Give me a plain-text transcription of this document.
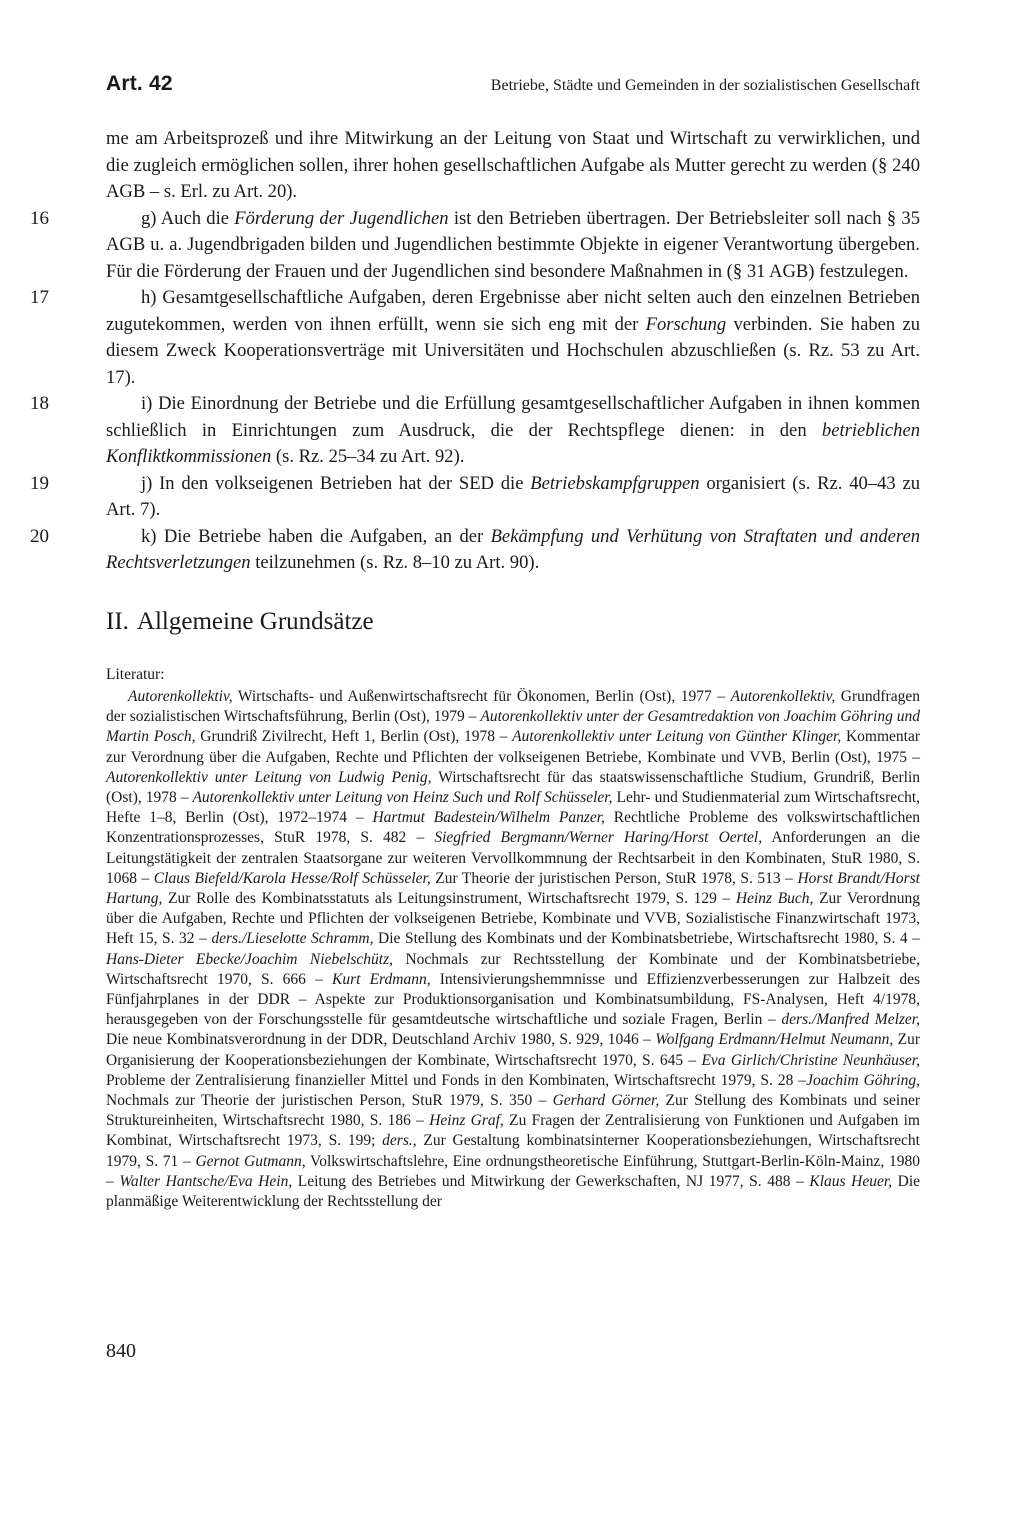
Art. 42	Betriebe, Städte und Gemeinden in der sozialistischen Gesellschaft

me am Arbeitsprozeß und ihre Mitwirkung an der Leitung von Staat und Wirtschaft zu verwirklichen, und die zugleich ermöglichen sollen, ihrer hohen gesellschaftlichen Aufgabe als Mutter gerecht zu werden (§ 240 AGB – s. Erl. zu Art. 20).

16	g) Auch die Förderung der Jugendlichen ist den Betrieben übertragen. Der Betriebsleiter soll nach § 35 AGB u. a. Jugendbrigaden bilden und Jugendlichen bestimmte Objekte in eigener Verantwortung übergeben. Für die Förderung der Frauen und der Jugendlichen sind besondere Maßnahmen in (§ 31 AGB) festzulegen.

17	h) Gesamtgesellschaftliche Aufgaben, deren Ergebnisse aber nicht selten auch den einzelnen Betrieben zugutekommen, werden von ihnen erfüllt, wenn sie sich eng mit der Forschung verbinden. Sie haben zu diesem Zweck Kooperationsverträge mit Universitäten und Hochschulen abzuschließen (s. Rz. 53 zu Art. 17).

18	i) Die Einordnung der Betriebe und die Erfüllung gesamtgesellschaftlicher Aufgaben in ihnen kommen schließlich in Einrichtungen zum Ausdruck, die der Rechtspflege dienen: in den betrieblichen Konfliktkommissionen (s. Rz. 25–34 zu Art. 92).

19	j) In den volkseigenen Betrieben hat der SED die Betriebskampfgruppen organisiert (s. Rz. 40–43 zu Art. 7).

20	k) Die Betriebe haben die Aufgaben, an der Bekämpfung und Verhütung von Straftaten und anderen Rechtsverletzungen teilzunehmen (s. Rz. 8–10 zu Art. 90).

II. Allgemeine Grundsätze
Literatur:

Autorenkollektiv, Wirtschafts- und Außenwirtschaftsrecht für Ökonomen, Berlin (Ost), 1977 – Autorenkollektiv, Grundfragen der sozialistischen Wirtschaftsführung, Berlin (Ost), 1979 – Autorenkollektiv unter der Gesamtredaktion von Joachim Göhring und Martin Posch, Grundriß Zivilrecht, Heft 1, Berlin (Ost), 1978 – Autorenkollektiv unter Leitung von Günther Klinger, Kommentar zur Verordnung über die Aufgaben, Rechte und Pflichten der volkseigenen Betriebe, Kombinate und VVB, Berlin (Ost), 1975 – Autorenkollektiv unter Leitung von Ludwig Penig, Wirtschaftsrecht für das staatswissenschaftliche Studium, Grundriß, Berlin (Ost), 1978 – Autorenkollektiv unter Leitung von Heinz Such und Rolf Schüsseler, Lehr- und Studienmaterial zum Wirtschaftsrecht, Hefte 1–8, Berlin (Ost), 1972–1974 – Hartmut Badestein/Wilhelm Panzer, Rechtliche Probleme des volkswirtschaftlichen Konzentrationsprozesses, StuR 1978, S. 482 – Siegfried Bergmann/Werner Haring/Horst Oertel, Anforderungen an die Leitungstätigkeit der zentralen Staatsorgane zur weiteren Vervollkommnung der Rechtsarbeit in den Kombinaten, StuR 1980, S. 1068 – Claus Biefeld/Karola Hesse/Rolf Schüsseler, Zur Theorie der juristischen Person, StuR 1978, S. 513 – Horst Brandt/Horst Hartung, Zur Rolle des Kombinatsstatuts als Leitungsinstrument, Wirtschaftsrecht 1979, S. 129 – Heinz Buch, Zur Verordnung über die Aufgaben, Rechte und Pflichten der volkseigenen Betriebe, Kombinate und VVB, Sozialistische Finanzwirtschaft 1973, Heft 15, S. 32 – ders./Lieselotte Schramm, Die Stellung des Kombinats und der Kombinatsbetriebe, Wirtschaftsrecht 1980, S. 4 – Hans-Dieter Ebecke/Joachim Niebelschütz, Nochmals zur Rechtsstellung der Kombinate und der Kombinatsbetriebe, Wirtschaftsrecht 1970, S. 666 – Kurt Erdmann, Intensivierungshemmnisse und Effizienzverbesserungen zur Halbzeit des Fünfjahrplanes in der DDR – Aspekte zur Produktionsorganisation und Kombinatsumbildung, FS-Analysen, Heft 4/1978, herausgegeben von der Forschungsstelle für gesamtdeutsche wirtschaftliche und soziale Fragen, Berlin – ders./Manfred Melzer, Die neue Kombinatsverordnung in der DDR, Deutschland Archiv 1980, S. 929, 1046 – Wolfgang Erdmann/Helmut Neumann, Zur Organisierung der Kooperationsbeziehungen der Kombinate, Wirtschaftsrecht 1970, S. 645 – Eva Girlich/Christine Neunhäuser, Probleme der Zentralisierung finanzieller Mittel und Fonds in den Kombinaten, Wirtschaftsrecht 1979, S. 28 –Joachim Göhring, Nochmals zur Theorie der juristischen Person, StuR 1979, S. 350 – Gerhard Görner, Zur Stellung des Kombinats und seiner Struktureinheiten, Wirtschaftsrecht 1980, S. 186 – Heinz Graf, Zu Fragen der Zentralisierung von Funktionen und Aufgaben im Kombinat, Wirtschaftsrecht 1973, S. 199; ders., Zur Gestaltung kombinatsinterner Kooperationsbeziehungen, Wirtschaftsrecht 1979, S. 71 – Gernot Gutmann, Volkswirtschaftslehre, Eine ordnungstheoretische Einführung, Stuttgart-Berlin-Köln-Mainz, 1980 – Walter Hantsche/Eva Hein, Leitung des Betriebes und Mitwirkung der Gewerkschaften, NJ 1977, S. 488 – Klaus Heuer, Die planmäßige Weiterentwicklung der Rechtsstellung der

840
